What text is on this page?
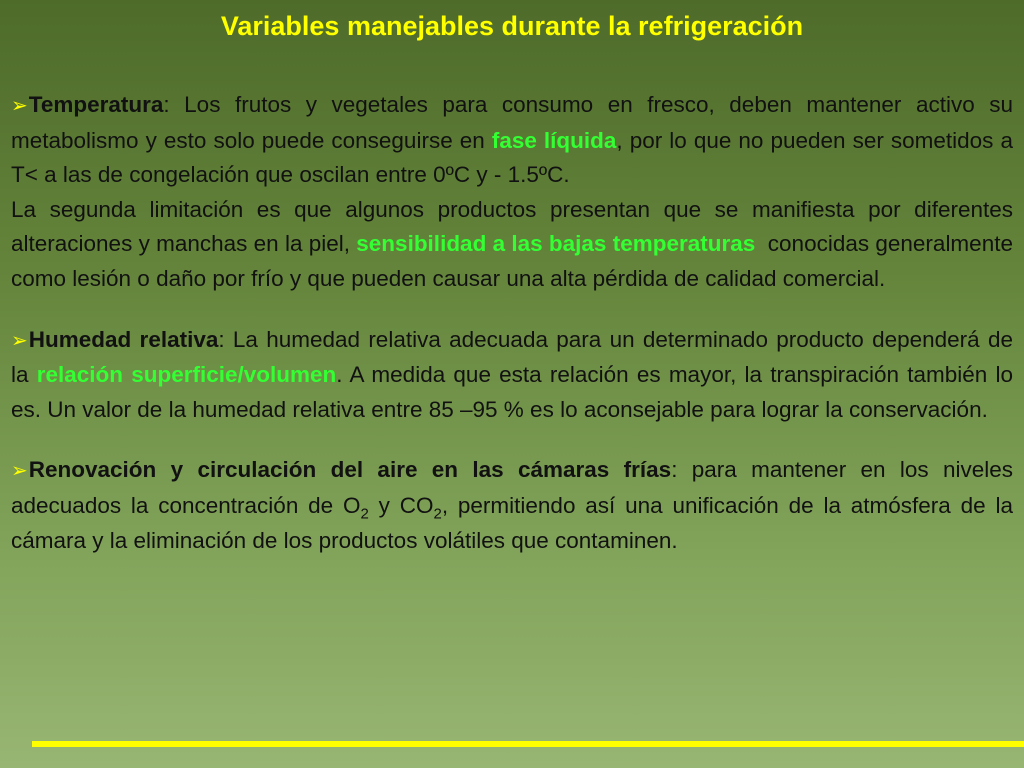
Variables manejables durante la refrigeración

➢Temperatura: Los frutos y vegetales para consumo en fresco, deben mantener activo su metabolismo y esto solo puede conseguirse en fase líquida, por lo que no pueden ser sometidos a T< a las de congelación que oscilan entre 0ºC y - 1.5ºC.

La segunda limitación es que algunos productos presentan que se manifiesta por diferentes alteraciones y manchas en la piel, sensibilidad a las bajas temperaturas  conocidas generalmente como lesión o daño por frío y que pueden causar una alta pérdida de calidad comercial.

➢Humedad relativa: La humedad relativa adecuada para un determinado producto dependerá de la relación superficie/volumen. A medida que esta relación es mayor, la transpiración también lo es. Un valor de la humedad relativa entre 85 –95 % es lo aconsejable para lograr la conservación.

➢Renovación y circulación del aire en las cámaras frías: para mantener en los niveles adecuados la concentración de $O_2$ y $CO_2$, permitiendo así una unificación de la atmósfera de la cámara y la eliminación de los productos volátiles que contaminen.
